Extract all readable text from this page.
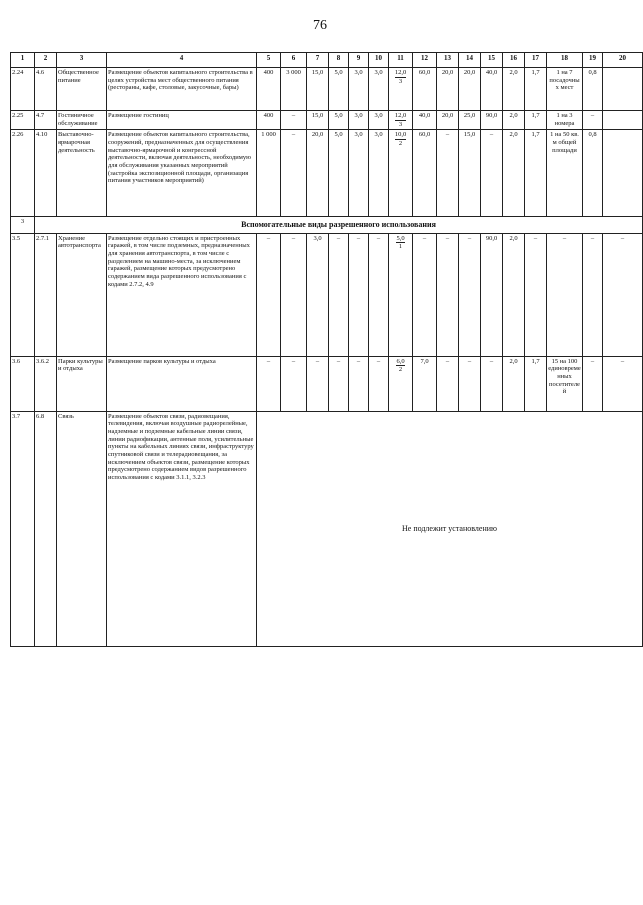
76
1	2	3	4	5	6	7	8	9	10	11	12	13	14	15	16	17	18	19	20
2.24	4.6	Общественное питание	Размещение объектов капитального строительства в целях устройства мест общественного питания (рестораны, кафе, столовые, закусочные, бары)	400	3 000	15,0	5,0	3,0	3,0	$\frac{12,0}{3}$	60,0	20,0	20,0	40,0	2,0	1,7	1 на 7 посадочных мест	0,8	
2.25	4.7	Гостиничное обслуживание	Размещение гостиниц	400	–	15,0	5,0	3,0	3,0	$\frac{12,0}{3}$	40,0	20,0	25,0	90,0	2,0	1,7	1 на 3 номера	–	
2.26	4.10	Выставочно-ярмарочная деятельность	Размещение объектов капитального строительства, сооружений, предназначенных для осуществления выставочно-ярмарочной и конгрессной деятельности, включая деятельность, необходимую для обслуживания указанных мероприятий (застройка экспозиционной площади, организация питания участников мероприятий)	1 000	–	20,0	5,0	3,0	3,0	$\frac{10,0}{2}$	60,0	–	15,0	–	2,0	1,7	1 на 50 кв. м общей площади	0,8	
3	Вспомогательные виды разрешенного использования																		
3.5	2.7.1	Хранение автотранспорта	Размещение отдельно стоящих и пристроенных гаражей, в том числе подземных, предназначенных для хранения автотранспорта, в том числе с разделением на машино-места, за исключением гаражей, размещение которых предусмотрено содержанием вида разрешенного использования с кодами 2.7.2, 4.9	–	–	3,0	–	–	–	$\frac{5,0}{1}$	–	–	–	90,0	2,0	–	–	–	–
3.6	3.6.2	Парки культуры и отдыха	Размещение парков культуры и отдыха	–	–	–	–	–	–	$\frac{6,0}{2}$	7,0	–	–	–	2,0	1,7	15 на 100 единовременных посетителей	–	–
3.7	6.8	Связь	Размещение объектов связи, радиовещания, телевидения, включая воздушные радиорелейные, надземные и подземные кабельные линии связи, линии радиофикации, антенные поля, усилительные пункты на кабельных линиях связи, инфраструктуру спутниковой связи и телерадиовещания, за исключением объектов связи, размещение которых предусмотрено содержанием видов разрешенного использования с кодами 3.1.1, 3.2.3	Не подлежит установлению															
